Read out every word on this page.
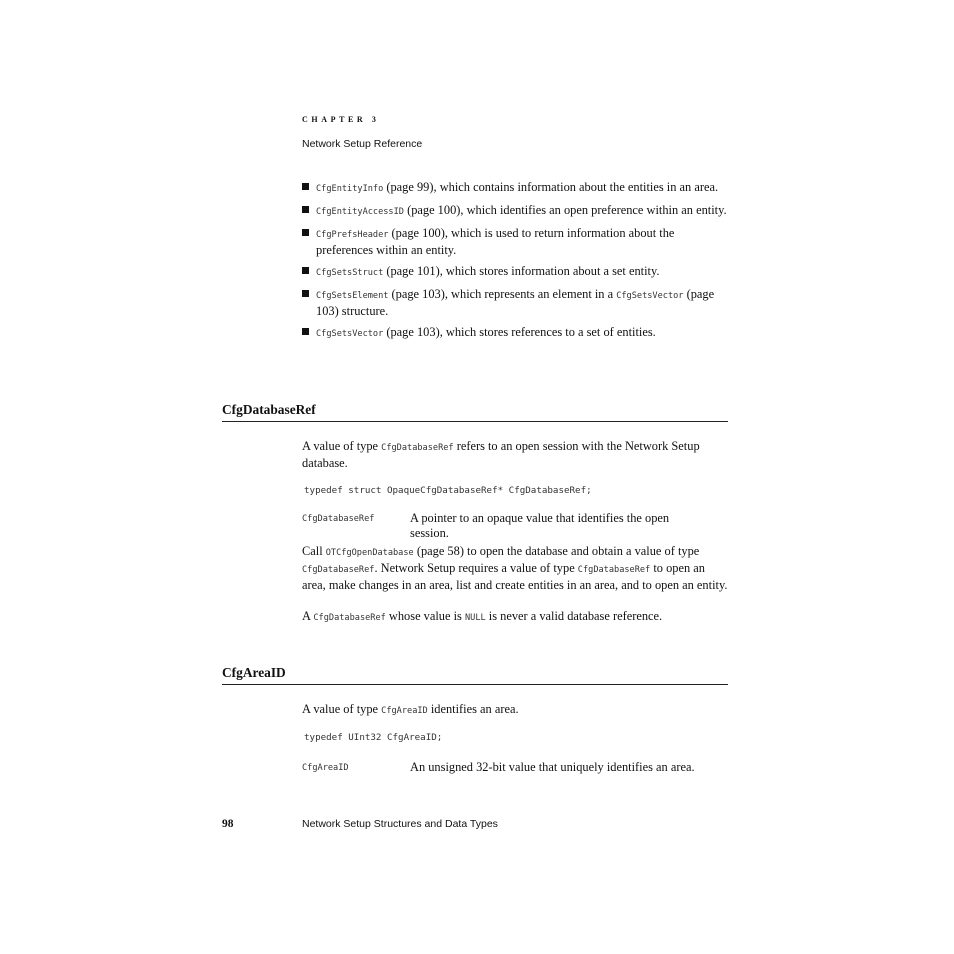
CHAPTER 3
Network Setup Reference
CfgEntityInfo (page 99), which contains information about the entities in an area.
CfgEntityAccessID (page 100), which identifies an open preference within an entity.
CfgPrefsHeader (page 100), which is used to return information about the preferences within an entity.
CfgSetsStruct (page 101), which stores information about a set entity.
CfgSetsElement (page 103), which represents an element in a CfgSetsVector (page 103) structure.
CfgSetsVector (page 103), which stores references to a set of entities.
CfgDatabaseRef
A value of type CfgDatabaseRef refers to an open session with the Network Setup database.
typedef struct OpaqueCfgDatabaseRef* CfgDatabaseRef;
CfgDatabaseRef	A pointer to an opaque value that identifies the open session.
Call OTCfgOpenDatabase (page 58) to open the database and obtain a value of type CfgDatabaseRef. Network Setup requires a value of type CfgDatabaseRef to open an area, make changes in an area, list and create entities in an area, and to open an entity.
A CfgDatabaseRef whose value is NULL is never a valid database reference.
CfgAreaID
A value of type CfgAreaID identifies an area.
typedef UInt32 CfgAreaID;
CfgAreaID	An unsigned 32-bit value that uniquely identifies an area.
98	Network Setup Structures and Data Types
